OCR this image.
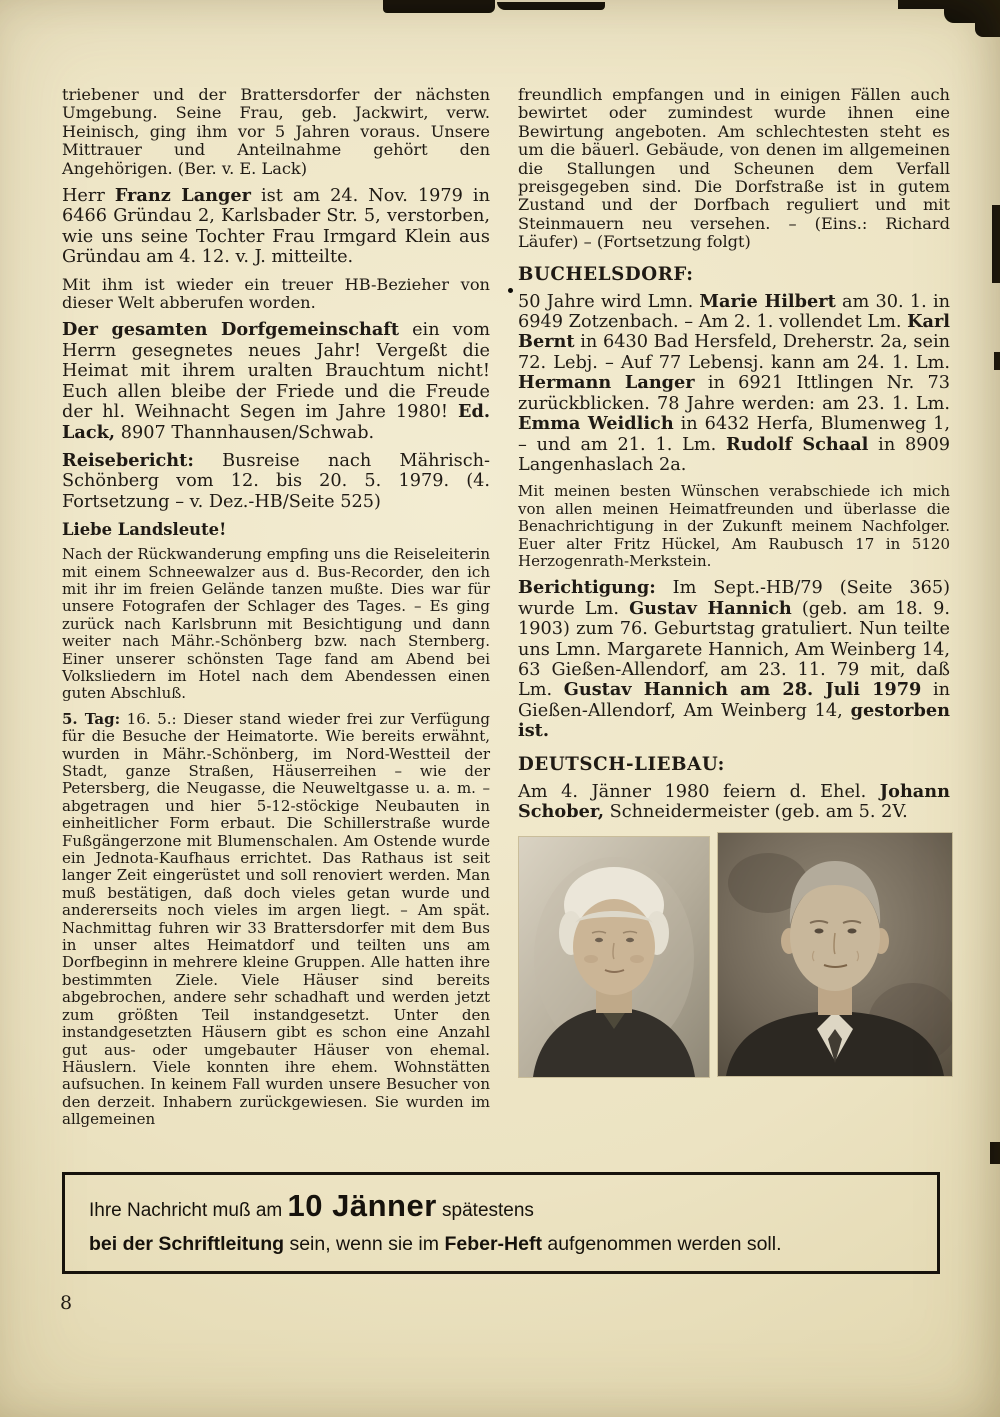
triebener und der Brattersdorfer der nächsten Umgebung. Seine Frau, geb. Jackwirt, verw. Heinisch, ging ihm vor 5 Jahren voraus. Unsere Mittrauer und Anteilnahme gehört den Angehörigen. (Ber. v. E. Lack)
Herr Franz Langer ist am 24. Nov. 1979 in 6466 Gründau 2, Karlsbader Str. 5, verstorben, wie uns seine Tochter Frau Irmgard Klein aus Gründau am 4. 12. v. J. mitteilte.
Mit ihm ist wieder ein treuer HB-Bezieher von dieser Welt abberufen worden.
Der gesamten Dorfgemeinschaft ein vom Herrn gesegnetes neues Jahr! Vergeßt die Heimat mit ihrem uralten Brauchtum nicht! Euch allen bleibe der Friede und die Freude der hl. Weihnacht Segen im Jahre 1980! Ed. Lack, 8907 Thannhausen/Schwab.
Reisebericht: Busreise nach Mährisch-Schönberg vom 12. bis 20. 5. 1979. (4. Fortsetzung – v. Dez.-HB/Seite 525)
Liebe Landsleute!
Nach der Rückwanderung empfing uns die Reiseleiterin mit einem Schneewalzer aus d. Bus-Recorder, den ich mit ihr im freien Gelände tanzen mußte. Dies war für unsere Fotografen der Schlager des Tages. – Es ging zurück nach Karlsbrunn mit Besichtigung und dann weiter nach Mähr.-Schönberg bzw. nach Sternberg. Einer unserer schönsten Tage fand am Abend bei Volksliedern im Hotel nach dem Abendessen einen guten Abschluß.
5. Tag: 16. 5.: Dieser stand wieder frei zur Verfügung für die Besuche der Heimatorte. Wie bereits erwähnt, wurden in Mähr.-Schönberg, im Nord-Westteil der Stadt, ganze Straßen, Häuserreihen – wie der Petersberg, die Neugasse, die Neuweltgasse u. a. m. – abgetragen und hier 5-12-stöckige Neubauten in einheitlicher Form erbaut. Die Schillerstraße wurde Fußgängerzone mit Blumenschalen. Am Ostende wurde ein Jednota-Kaufhaus errichtet. Das Rathaus ist seit langer Zeit eingerüstet und soll renoviert werden. Man muß bestätigen, daß doch vieles getan wurde und andererseits noch vieles im argen liegt. – Am spät. Nachmittag fuhren wir 33 Brattersdorfer mit dem Bus in unser altes Heimatdorf und teilten uns am Dorfbeginn in mehrere kleine Gruppen. Alle hatten ihre bestimmten Ziele. Viele Häuser sind bereits abgebrochen, andere sehr schadhaft und werden jetzt zum größten Teil instandgesetzt. Unter den instandgesetzten Häusern gibt es schon eine Anzahl gut aus- oder umgebauter Häuser von ehemal. Häuslern. Viele konnten ihre ehem. Wohnstätten aufsuchen. In keinem Fall wurden unsere Besucher von den derzeit. Inhabern zurückgewiesen. Sie wurden im allgemeinen
freundlich empfangen und in einigen Fällen auch bewirtet oder zumindest wurde ihnen eine Bewirtung angeboten. Am schlechtesten steht es um die bäuerl. Gebäude, von denen im allgemeinen die Stallungen und Scheunen dem Verfall preisgegeben sind. Die Dorfstraße ist in gutem Zustand und der Dorfbach reguliert und mit Steinmauern neu versehen. – (Eins.: Richard Läufer) – (Fortsetzung folgt)
BUCHELSDORF:
50 Jahre wird Lmn. Marie Hilbert am 30. 1. in 6949 Zotzenbach. – Am 2. 1. vollendet Lm. Karl Bernt in 6430 Bad Hersfeld, Dreherstr. 2a, sein 72. Lebj. – Auf 77 Lebensj. kann am 24. 1. Lm. Hermann Langer in 6921 Ittlingen Nr. 73 zurückblicken. 78 Jahre werden: am 23. 1. Lm. Emma Weidlich in 6432 Herfa, Blumenweg 1, – und am 21. 1. Lm. Rudolf Schaal in 8909 Langenhaslach 2a.
Mit meinen besten Wünschen verabschiede ich mich von allen meinen Heimatfreunden und überlasse die Benachrichtigung in der Zukunft meinem Nachfolger. Euer alter Fritz Hückel, Am Raubusch 17 in 5120 Herzogenrath-Merkstein.
Berichtigung: Im Sept.-HB/79 (Seite 365) wurde Lm. Gustav Hannich (geb. am 18. 9. 1903) zum 76. Geburtstag gratuliert. Nun teilte uns Lmn. Margarete Hannich, Am Weinberg 14, 63 Gießen-Allendorf, am 23. 11. 79 mit, daß Lm. Gustav Hannich am 28. Juli 1979 in Gießen-Allendorf, Am Weinberg 14, gestorben ist.
DEUTSCH-LIEBAU:
Am 4. Jänner 1980 feiern d. Ehel. Johann Schober, Schneidermeister (geb. am 5. 2V.
Ihre Nachricht muß am 10 Jänner spätestens
bei der Schriftleitung sein, wenn sie im Feber-Heft aufgenommen werden soll.
8
